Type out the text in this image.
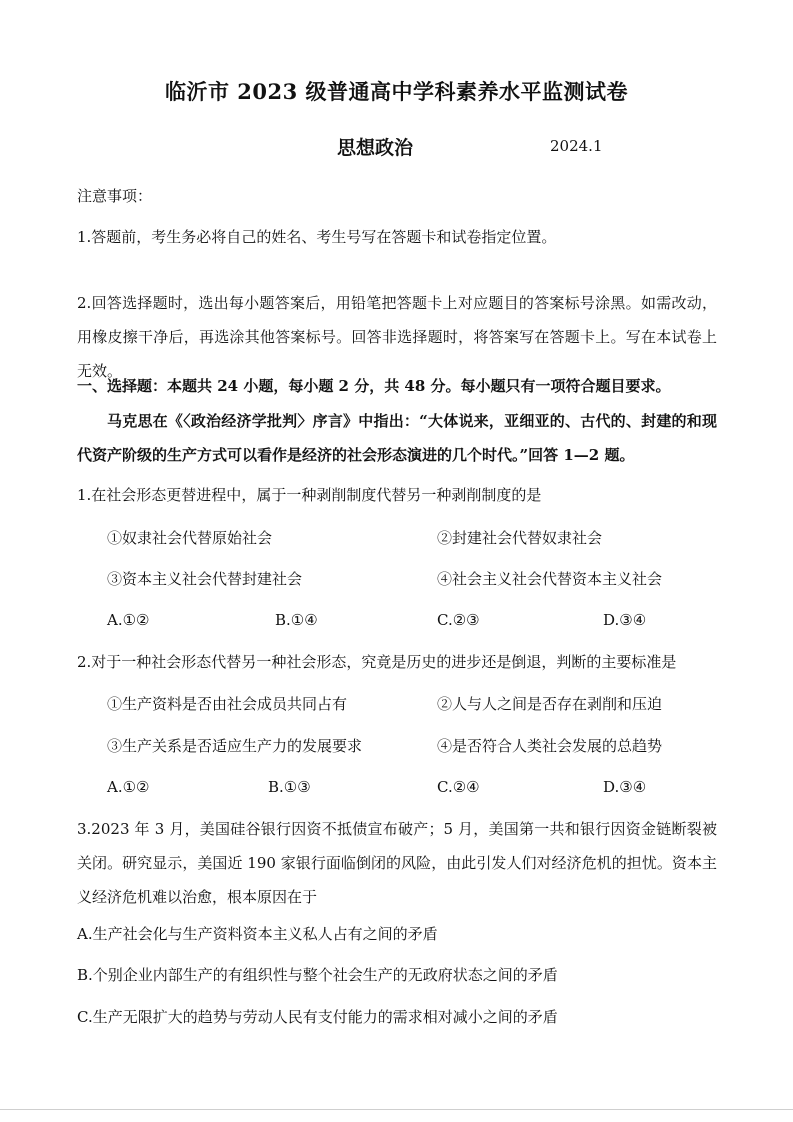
临沂市 2023 级普通高中学科素养水平监测试卷
思想政治	2024.1
注意事项：
1.答题前，考生务必将自己的姓名、考生号写在答题卡和试卷指定位置。
2.回答选择题时，选出每小题答案后，用铅笔把答题卡上对应题目的答案标号涂黑。如需改动，用橡皮擦干净后，再选涂其他答案标号。回答非选择题时，将答案写在答题卡上。写在本试卷上无效。
一、选择题：本题共 24 小题，每小题 2 分，共 48 分。每小题只有一项符合题目要求。
马克思在《〈政治经济学批判〉序言》中指出：“大体说来，亚细亚的、古代的、封建的和现代资产阶级的生产方式可以看作是经济的社会形态演进的几个时代。”回答 1—2 题。
1.在社会形态更替进程中，属于一种剥削制度代替另一种剥削制度的是
①奴隶社会代替原始社会	②封建社会代替奴隶社会
③资本主义社会代替封建社会	④社会主义社会代替资本主义社会
A.①②	B.①④	C.②③	D.③④
2.对于一种社会形态代替另一种社会形态，究竟是历史的进步还是倒退，判断的主要标准是
①生产资料是否由社会成员共同占有	②人与人之间是否存在剥削和压迫
③生产关系是否适应生产力的发展要求	④是否符合人类社会发展的总趋势
A.①②	B.①③	C.②④	D.③④
3.2023 年 3 月，美国硅谷银行因资不抵债宣布破产；5 月，美国第一共和银行因资金链断裂被关闭。研究显示，美国近 190 家银行面临倒闭的风险，由此引发人们对经济危机的担忧。资本主义经济危机难以治愈，根本原因在于
A.生产社会化与生产资料资本主义私人占有之间的矛盾
B.个别企业内部生产的有组织性与整个社会生产的无政府状态之间的矛盾
C.生产无限扩大的趋势与劳动人民有支付能力的需求相对减小之间的矛盾
